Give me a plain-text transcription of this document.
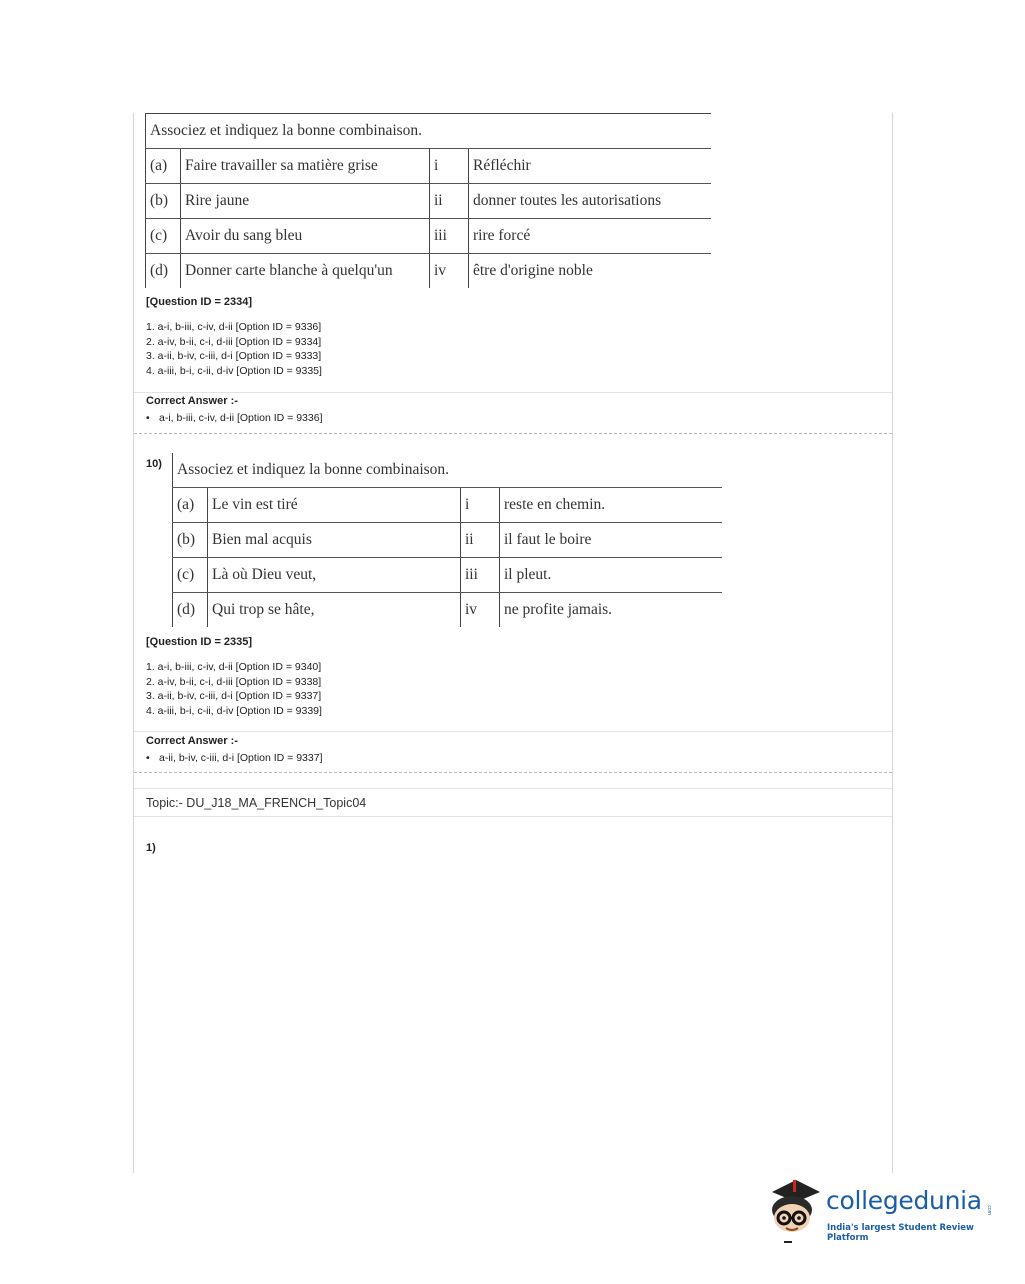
Associez et indiquez la bonne combinaison.			
(a)	Faire travailler sa matière grise	i	Réfléchir
(b)	Rire jaune	ii	donner toutes les autorisations
(c)	Avoir du sang bleu	iii	rire forcé
(d)	Donner carte blanche à quelqu'un	iv	être d'origine noble
[Question ID = 2334]
1. a-i, b-iii, c-iv, d-ii [Option ID = 9336]
2. a-iv, b-ii, c-i, d-iii [Option ID = 9334]
3. a-ii, b-iv, c-iii, d-i [Option ID = 9333]
4. a-iii, b-i, c-ii, d-iv [Option ID = 9335]
Correct Answer :-
• a-i, b-iii, c-iv, d-ii [Option ID = 9336]
10) Associez et indiquez la bonne combinaison.			
(a)	Le vin est tiré	i	reste en chemin.
(b)	Bien mal acquis	ii	il faut le boire
(c)	Là où Dieu veut,	iii	il pleut.
(d)	Qui trop se hâte,	iv	ne profite jamais.
[Question ID = 2335]
1. a-i, b-iii, c-iv, d-ii [Option ID = 9340]
2. a-iv, b-ii, c-i, d-iii [Option ID = 9338]
3. a-ii, b-iv, c-iii, d-i [Option ID = 9337]
4. a-iii, b-i, c-ii, d-iv [Option ID = 9339]
Correct Answer :-
• a-ii, b-iv, c-iii, d-i [Option ID = 9337]
Topic:- DU_J18_MA_FRENCH_Topic04
1)
collegedunia .com
India's largest Student Review Platform
